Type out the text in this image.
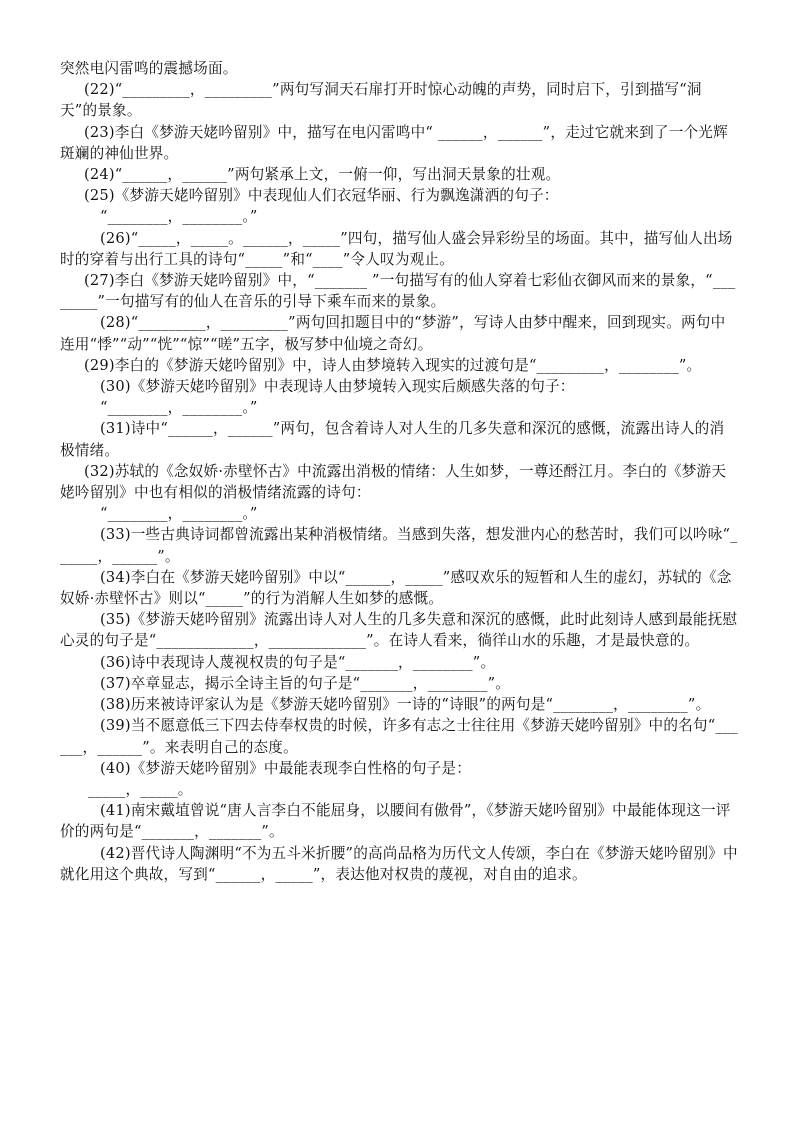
突然电闪雷鸣的震撼场面。

(22)“_________，_________”两句写洞天石扉打开时惊心动魄的声势，同时启下，引到描写“洞天”的景象。

(23)李白《梦游天姥吟留别》中，描写在电闪雷鸣中“ ______，______”，走过它就来到了一个光辉斑斓的神仙世界。

(24)“______，______”两句紧承上文，一俯一仰，写出洞天景象的壮观。

(25)《梦游天姥吟留别》中表现仙人们衣冠华丽、行为飘逸潇洒的句子：

“________，________。”

(26)“_____，_____。______，_____”四句，描写仙人盛会异彩纷呈的场面。其中，描写仙人出场时的穿着与出行工具的诗句“_____”和“____”令人叹为观止。

(27)李白《梦游天姥吟留别》中，“_______ ”一句描写有的仙人穿着七彩仙衣御风而来的景象，“________”一句描写有的仙人在音乐的引导下乘车而来的景象。

(28)“_________，_________”两句回扣题目中的“梦游”，写诗人由梦中醒来，回到现实。两句中连用“悸”“动”“恍”“惊”“嗟”五字，极写梦中仙境之奇幻。

(29)李白的《梦游天姥吟留别》中，诗人由梦境转入现实的过渡句是“_________，________”。

(30)《梦游天姥吟留别》中表现诗人由梦境转入现实后颇感失落的句子：

“________，________。”

(31)诗中“______，______”两句，包含着诗人对人生的几多失意和深沉的感慨，流露出诗人的消极情绪。

(32)苏轼的《念奴娇·赤壁怀古》中流露出消极的情绪：人生如梦，一尊还酹江月。李白的《梦游天姥吟留别》中也有相似的消极情绪流露的诗句：

“________，________。”

(33)一些古典诗词都曾流露出某种消极情绪。当感到失落，想发泄内心的愁苦时，我们可以吟咏“______，______”。

(34)李白在《梦游天姥吟留别》中以“______，_____”感叹欢乐的短暂和人生的虚幻，苏轼的《念奴娇·赤壁怀古》则以“_____”的行为消解人生如梦的感慨。

(35)《梦游天姥吟留别》流露出诗人对人生的几多失意和深沉的感慨，此时此刻诗人感到最能抚慰心灵的句子是“_____________，_____________”。在诗人看来，徜徉山水的乐趣，才是最快意的。

(36)诗中表现诗人蔑视权贵的句子是“_______，________”。

(37)卒章显志，揭示全诗主旨的句子是“_______，________”。

(38)历来被诗评家认为是《梦游天姥吟留别》一诗的“诗眼”的两句是“________，________”。

(39)当不愿意低三下四去侍奉权贵的时候，许多有志之士往往用《梦游天姥吟留别》中的名句“______，______”。来表明自己的态度。

(40)《梦游天姥吟留别》中最能表现李白性格的句子是：

_____，_____。

(41)南宋戴埴曾说“唐人言李白不能屈身，以腰间有傲骨”，《梦游天姥吟留别》中最能体现这一评价的两句是“_______，_______”。

(42)晋代诗人陶渊明“不为五斗米折腰”的高尚品格为历代文人传颂，李白在《梦游天姥吟留别》中就化用这个典故，写到“______，_____”，表达他对权贵的蔑视，对自由的追求。
